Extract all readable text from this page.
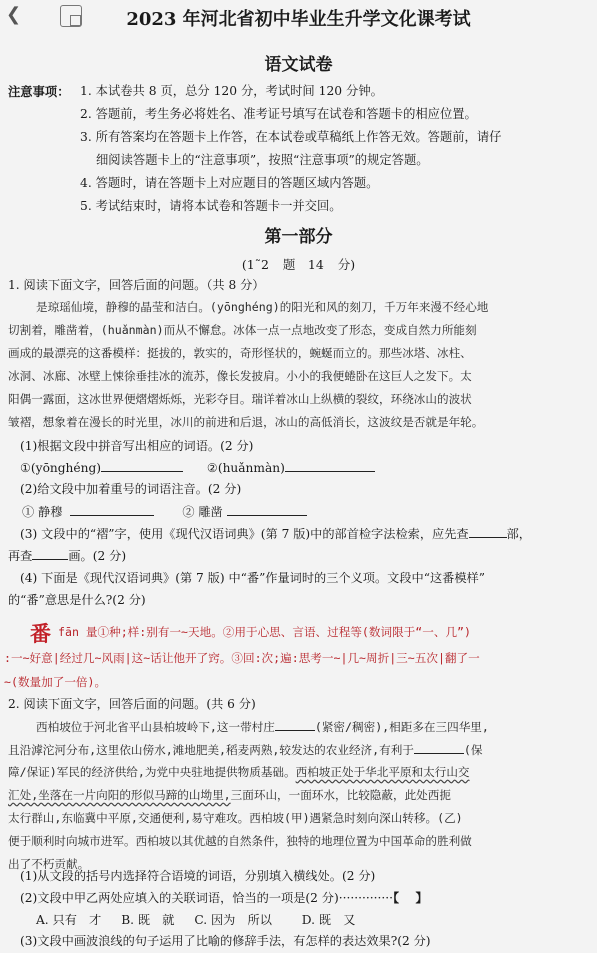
❮	2023 年河北省初中毕业生升学文化课考试
语文试卷
注意事项： 1. 本试卷共 8 页，总分 120 分，考试时间 120 分钟。
2. 答题前，考生务必将姓名、准考证号填写在试卷和答题卡的相应位置。
3. 所有答案均在答题卡上作答，在本试卷或草稿纸上作答无效。答题前，请仔
细阅读答题卡上的“注意事项”，按照“注意事项”的规定答题。
4. 答题时，请在答题卡上对应题目的答题区域内答题。
5. 考试结束时，请将本试卷和答题卡一并交回。
第一部分
(1˜2 题　14 分)
1. 阅读下面文字，回答后面的问题。（共 8 分）
是琼瑶仙境，静穆的晶莹和洁白。(yōnghéng)的阳光和风的刻刀，千万年来漫不经心地
切割着，雕凿着，(huǎnmàn)而从不懈怠。冰体一点一点地改变了形态，变成自然力所能刻
画成的最漂亮的这番模样：挺拔的，敦实的，奇形怪状的，蜿蜒而立的。那些冰塔、冰柱、
冰洞、冰廊、冰壁上悚徐垂挂冰的流苏，像长发披肩。小小的我便蜷卧在这巨人之发下。太
阳偶一露面，这冰世界便熠熠烁烁，光彩夺目。瑞详着冰山上纵横的裂纹，环绕冰山的波状
皱褶，想象着在漫长的时光里，冰川的前进和后退，冰山的高低消长，这波纹是否就是年轮。
(1)根据文段中拼音写出相应的词语。(2 分)
①(yōnghéng)	②(huǎnmàn)
(2)给文段中加着重号的词语注音。(2 分)
① 静穆	② 雕凿
(3) 文段中的“褶”字，使用《现代汉语词典》(第 7 版)中的部首检字法检索，应先查	部，
再查	画。(2 分)
(4) 下面是《现代汉语词典》(第 7 版) 中“番”作量词时的三个义项。文段中“这番模样”
的“番”意思是什么?(2 分)
番 fān 量①种;样:别有一~天地。②用于心思、言语、过程等(数词限于“一、几”)
:一~好意|经过几~风雨|这~话让他开了窍。③回:次;遍:思考一~|几~周折|三~五次|翻了一
~(数量加了一倍)。
2. 阅读下面文字，回答后面的问题。(共 6 分)
西柏坡位于河北省平山县柏坡岭下,这一带村庄	(紧密/稠密),相距多在三四华里,
且沿滹沱河分布,这里依山傍水,滩地肥美,稻麦两熟,较发达的农业经济,有利于	(保
障/保证)军民的经济供给,为党中央驻地提供物质基础。西柏坡正处于华北平原和太行山交
汇处,坐落在一片向阳的形似马蹄的山坳里,三面环山，一面环水，比较隐蔽，此处西扼
太行群山,东临冀中平原,交通便利,易守难攻。西柏坡(甲)遇紧急时刻向深山转移。(乙)
便于顺利时向城市进军。西柏坡以其优越的自然条件，独特的地理位置为中国革命的胜利做
出了不朽贡献。
(1)从文段的括号内选择符合语境的词语，分别填入横线处。(2 分)
(2)文段中甲乙两处应填入的关联词语，恰当的一项是(2 分)··············【　 】
A. 只有　才 B. 既　就 C. 因为　所以 D. 既　又
(3)文段中画波浪线的句子运用了比喻的修辞手法，有怎样的表达效果?(2 分)
